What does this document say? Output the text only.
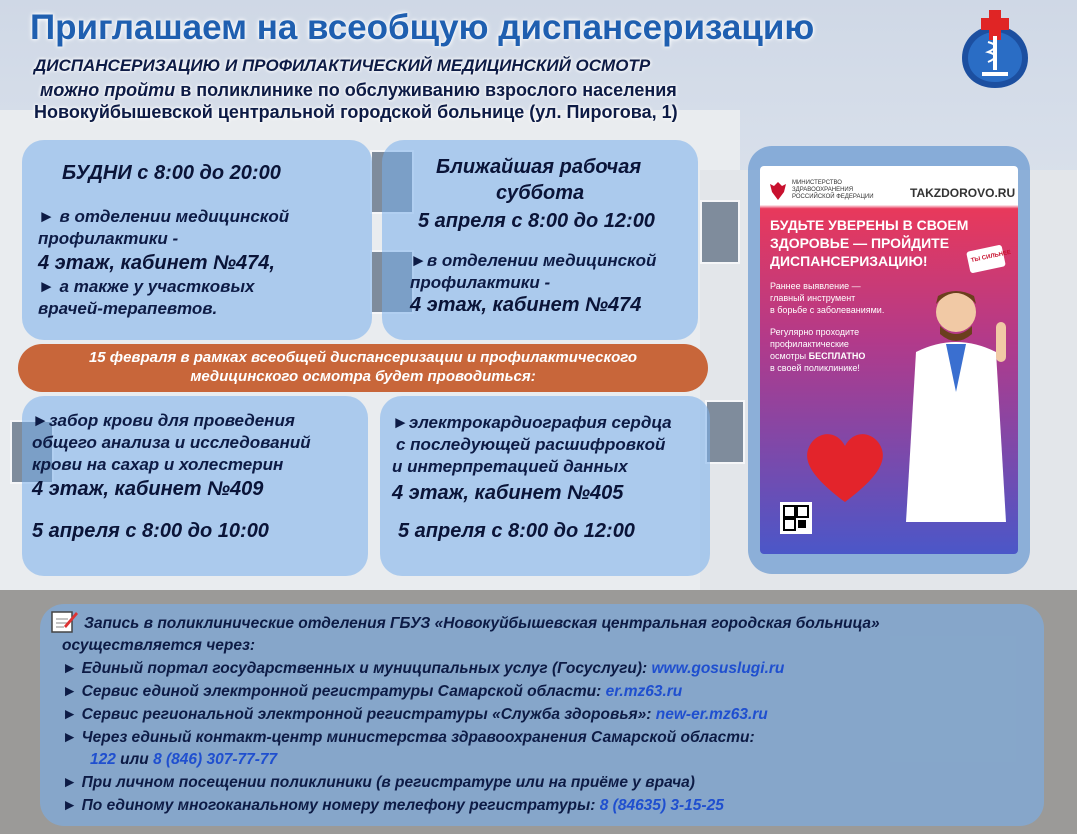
Приглашаем на всеобщую диспансеризацию

ДИСПАНСЕРИЗАЦИЮ И ПРОФИЛАКТИЧЕСКИЙ МЕДИЦИНСКИЙ ОСМОТР

можно пройти в поликлинике по обслуживанию взрослого населения

Новокуйбышевской центральной городской больнице (ул. Пирогова, 1)

БУДНИ с 8:00 до 20:00

► в отделении медицинской

профилактики -

4 этаж, кабинет №474,

► а также у участковых

врачей-терапевтов.

Ближайшая рабочая

суббота

5 апреля с 8:00 до 12:00

►в отделении медицинской

профилактики -

4 этаж, кабинет №474

15 февраля в рамках всеобщей диспансеризации и профилактического
медицинского осмотра будет проводиться:

►забор крови для проведения

общего анализа и исследований

крови на сахар и холестерин

4 этаж, кабинет №409

5 апреля с 8:00 до 10:00

►электрокардиография сердца

с последующей расшифровкой

и интерпретацией данных

4 этаж, кабинет №405

5 апреля с 8:00 до 12:00

МИНИСТЕРСТВО
ЗДРАВООХРАНЕНИЯ
РОССИЙСКОЙ ФЕДЕРАЦИИ	TAKZDOROVO.RU

БУДЬТЕ УВЕРЕНЫ В СВОЕМ
ЗДОРОВЬЕ — ПРОЙДИТЕ
ДИСПАНСЕРИЗАЦИЮ!	ТЫ СИЛЬНЕЕ

Раннее выявление —
главный инструмент
в борьбе с заболеваниями.

Регулярно проходите
профилактические
осмотры БЕСПЛАТНО
в своей поликлинике!

Запись в поликлинические отделения ГБУЗ «Новокуйбышевская центральная городская больница»

осуществляется через:

► Единый портал государственных и муниципальных услуг (Госуслуги): www.gosuslugi.ru

► Сервис единой электронной регистратуры Самарской области: er.mz63.ru

► Сервис региональной электронной регистратуры «Служба здоровья»: new-er.mz63.ru

► Через единый контакт-центр министерства здравоохранения Самарской области:

122 или 8 (846) 307-77-77

► При личном посещении поликлиники (в регистратуре или на приёме у врача)

► По единому многоканальному номеру телефону регистратуры: 8 (84635) 3-15-25
